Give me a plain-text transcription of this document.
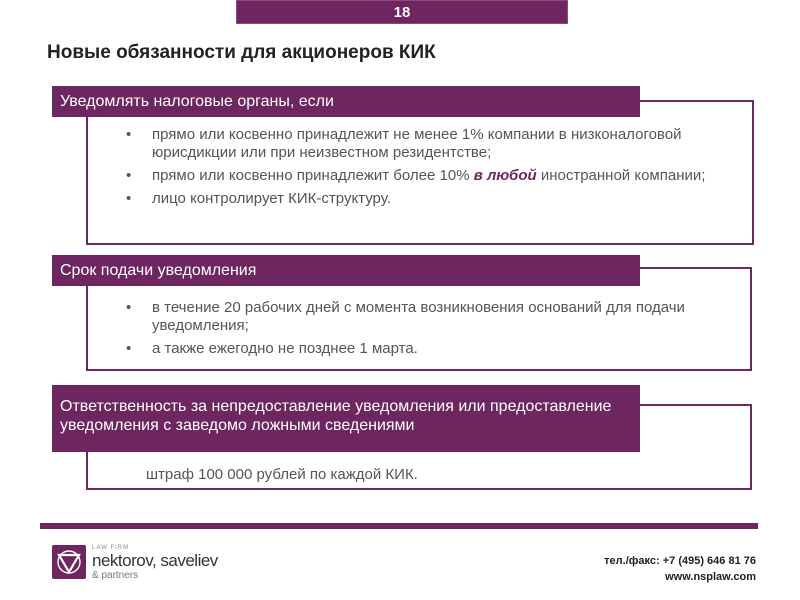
18
Новые обязанности для акционеров КИК
Уведомлять налоговые органы, если
• прямо или косвенно принадлежит не менее 1% компании в низконалоговой юрисдикции или при неизвестном резидентстве;
• прямо или косвенно принадлежит более 10% в любой иностранной компании;
• лицо контролирует КИК-структуру.
Срок подачи уведомления
• в течение 20 рабочих дней с момента возникновения оснований для подачи уведомления;
• а также ежегодно не позднее 1 марта.
Ответственность за непредоставление уведомления или предоставление уведомления с заведомо ложными сведениями
штраф 100 000 рублей по каждой КИК.
LAW FIRM
nektorov, saveliev
& partners
тел./факс: +7 (495) 646 81 76
www.nsplaw.com
